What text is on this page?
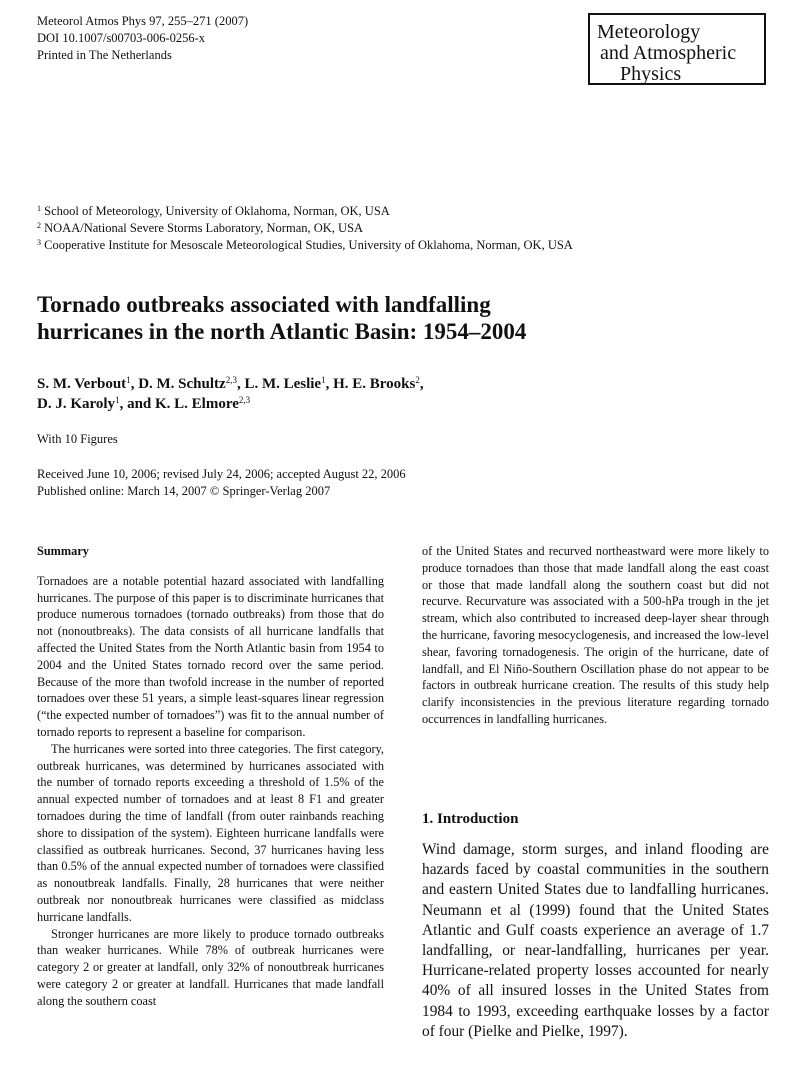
Meteorol Atmos Phys 97, 255–271 (2007)
DOI 10.1007/s00703-006-0256-x
Printed in The Netherlands
Meteorology
and Atmospheric
Physics
$^1$ School of Meteorology, University of Oklahoma, Norman, OK, USA
$^2$ NOAA/National Severe Storms Laboratory, Norman, OK, USA
$^3$ Cooperative Institute for Mesoscale Meteorological Studies, University of Oklahoma, Norman, OK, USA
Tornado outbreaks associated with landfalling
hurricanes in the north Atlantic Basin: 1954–2004
S. M. Verbout$^1$, D. M. Schultz$^{2,3}$, L. M. Leslie$^1$, H. E. Brooks$^2$,
D. J. Karoly$^1$, and K. L. Elmore$^{2,3}$
With 10 Figures
Received June 10, 2006; revised July 24, 2006; accepted August 22, 2006
Published online: March 14, 2007 © Springer-Verlag 2007

Summary

Tornadoes are a notable potential hazard associated with landfalling hurricanes. The purpose of this paper is to discriminate hurricanes that produce numerous tornadoes (tornado outbreaks) from those that do not (nonoutbreaks). The data consists of all hurricane landfalls that affected the United States from the North Atlantic basin from 1954 to 2004 and the United States tornado record over the same period. Because of the more than twofold increase in the number of reported tornadoes over these 51 years, a simple least-squares linear regression (“the expected number of tornadoes”) was fit to the annual number of tornado reports to represent a baseline for comparison.

The hurricanes were sorted into three categories. The first category, outbreak hurricanes, was determined by hurricanes associated with the number of tornado reports exceeding a threshold of 1.5% of the annual expected number of tornadoes and at least 8 F1 and greater tornadoes during the time of landfall (from outer rainbands reaching shore to dissipation of the system). Eighteen hurricane landfalls were classified as outbreak hurricanes. Second, 37 hurricanes having less than 0.5% of the annual expected number of tornadoes were classified as nonoutbreak landfalls. Finally, 28 hurricanes that were neither outbreak nor nonoutbreak hurricanes were classified as midclass hurricane landfalls.

Stronger hurricanes are more likely to produce tornado outbreaks than weaker hurricanes. While 78% of outbreak hurricanes were category 2 or greater at landfall, only 32% of nonoutbreak hurricanes were category 2 or greater at landfall. Hurricanes that made landfall along the southern coast

of the United States and recurved northeastward were more likely to produce tornadoes than those that made landfall along the east coast or those that made landfall along the southern coast but did not recurve. Recurvature was associated with a 500-hPa trough in the jet stream, which also contributed to increased deep-layer shear through the hurricane, favoring mesocyclogenesis, and increased the low-level shear, favoring tornadogenesis. The origin of the hurricane, date of landfall, and El Niño-Southern Oscillation phase do not appear to be factors in outbreak hurricane creation. The results of this study help clarify inconsistencies in the previous literature regarding tornado occurrences in landfalling hurricanes.

1. Introduction

Wind damage, storm surges, and inland flooding are hazards faced by coastal communities in the southern and eastern United States due to landfalling hurricanes. Neumann et al (1999) found that the United States Atlantic and Gulf coasts experience an average of 1.7 landfalling, or near-landfalling, hurricanes per year. Hurricane-related property losses accounted for nearly 40% of all insured losses in the United States from 1984 to 1993, exceeding earthquake losses by a factor of four (Pielke and Pielke, 1997).
